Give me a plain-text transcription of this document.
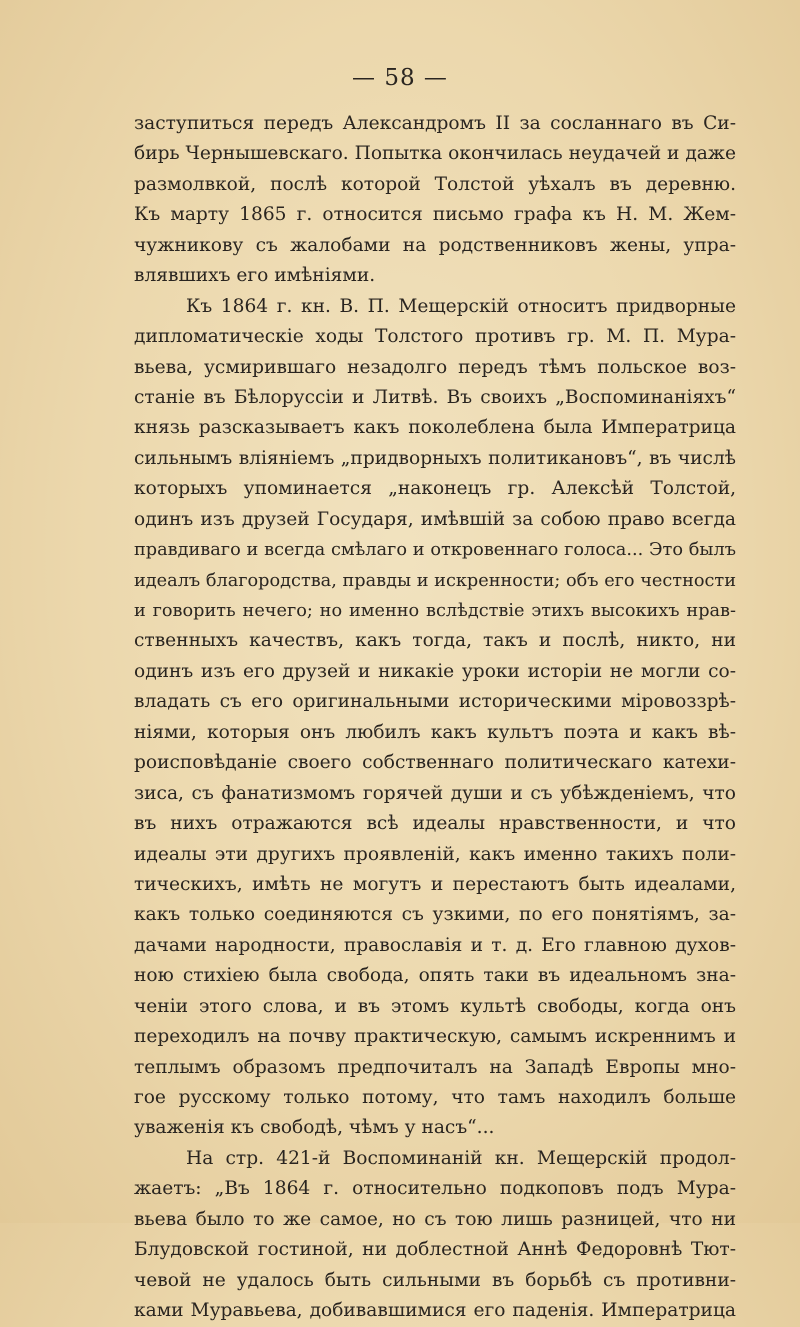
— 58 —
заступиться передъ Александромъ II за сосланнаго въ Си-
бирь Чернышевскаго. Попытка окончилась неудачей и даже
размолвкой, послѣ которой Толстой уѣхалъ въ деревню.
Къ марту 1865 г. относится письмо графа къ Н. М. Жем-
чужникову съ жалобами на родственниковъ жены, упра-
влявшихъ его имѣніями.
Къ 1864 г. кн. В. П. Мещерскій относитъ придворные
дипломатическіе ходы Толстого противъ гр. М. П. Мура-
вьева, усмирившаго незадолго передъ тѣмъ польское воз-
станіе въ Бѣлоруссіи и Литвѣ. Въ своихъ „Воспоминаніяхъ“
князь разсказываетъ какъ поколеблена была Императрица
сильнымъ вліяніемъ „придворныхъ политикановъ“, въ числѣ
которыхъ упоминается „наконецъ гр. Алексѣй Толстой,
одинъ изъ друзей Государя, имѣвшій за собою право всегда
правдиваго и всегда смѣлаго и откровеннаго голоса... Это былъ
идеалъ благородства, правды и искренности; объ его честности
и говорить нечего; но именно вслѣдствіе этихъ высокихъ нрав-
ственныхъ качествъ, какъ тогда, такъ и послѣ, никто, ни
одинъ изъ его друзей и никакіе уроки исторіи не могли со-
владать съ его оригинальными историческими міровоззрѣ-
ніями, которыя онъ любилъ какъ культъ поэта и какъ вѣ-
роисповѣданіе своего собственнаго политическаго катехи-
зиса, съ фанатизмомъ горячей души и съ убѣжденіемъ, что
въ нихъ отражаются всѣ идеалы нравственности, и что
идеалы эти другихъ проявленій, какъ именно такихъ поли-
тическихъ, имѣть не могутъ и перестаютъ быть идеалами,
какъ только соединяются съ узкими, по его понятіямъ, за-
дачами народности, православія и т. д. Его главною духов-
ною стихіею была свобода, опять таки въ идеальномъ зна-
ченіи этого слова, и въ этомъ культѣ свободы, когда онъ
переходилъ на почву практическую, самымъ искреннимъ и
теплымъ образомъ предпочиталъ на Западѣ Европы мно-
гое русскому только потому, что тамъ находилъ больше
уваженія къ свободѣ, чѣмъ у насъ“...
На стр. 421-й Воспоминаній кн. Мещерскій продол-
жаетъ: „Въ 1864 г. относительно подкоповъ подъ Мура-
вьева было то же самое, но съ тою лишь разницей, что ни
Блудовской гостиной, ни доблестной Аннѣ Федоровнѣ Тют-
чевой не удалось быть сильными въ борьбѣ съ противни-
ками Муравьева, добивавшимися его паденія. Императрица
